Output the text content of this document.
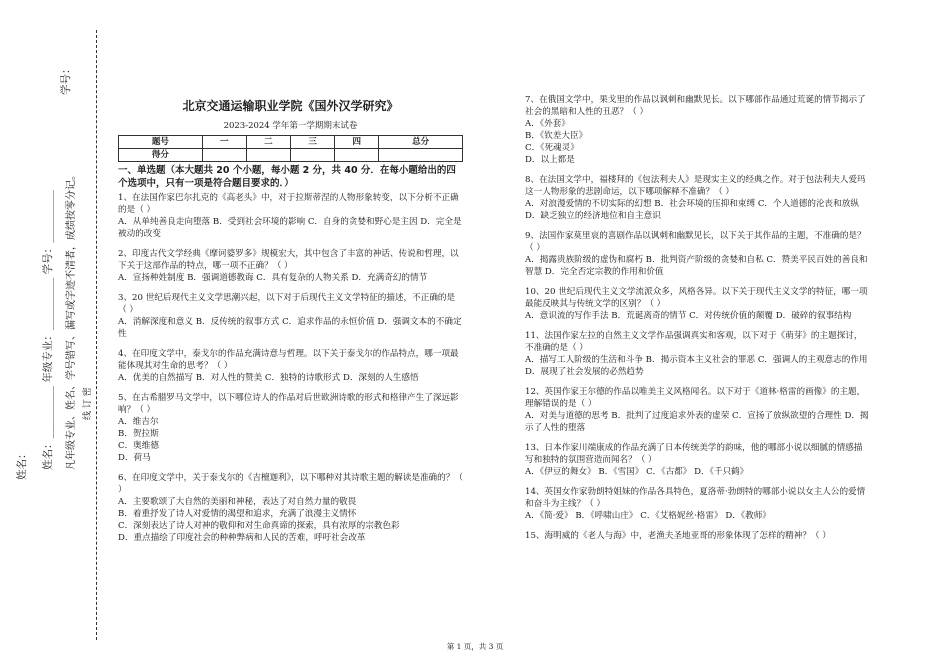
姓名：__________ 年级专业：__________ 学号：__________
学号：
凡年级专业、姓名、学号错写、漏写或字迹不清者，成绩按零分记。 线 订 密
姓名：
北京交通运输职业学院《国外汉学研究》
2023-2024 学年第一学期期末试卷
题号	一	二	三	四	总分
得分					
一、单选题（本大题共 20 个小题，每小题 2 分，共 40 分．在每小题给出的四个选项中，只有一项是符合题目要求的．）
1、在法国作家巴尔扎克的《高老头》中，对于拉斯蒂涅的人物形象转变，以下分析不正确的是（ ）
A．从单纯善良走向堕落 B．受到社会环境的影响 C．自身的贪婪和野心是主因 D．完全是被动的改变
2、印度古代文学经典《摩诃婆罗多》规模宏大，其中包含了丰富的神话、传说和哲理，以下关于这部作品的特点，哪一项不正确？（ ）
A．宣扬种姓制度 B．强调道德教诲 C．具有复杂的人物关系 D．充满奇幻的情节
3、20 世纪后现代主义文学思潮兴起，以下对于后现代主义文学特征的描述，不正确的是（ ）
A．消解深度和意义 B．反传统的叙事方式 C．追求作品的永恒价值 D．强调文本的不确定性
4、在印度文学中，泰戈尔的作品充满诗意与哲理。以下关于泰戈尔的作品特点，哪一项最能体现其对生命的思考？（ ）
A．优美的自然描写 B．对人性的赞美 C．独特的诗歌形式 D．深刻的人生感悟
5、在古希腊罗马文学中，以下哪位诗人的作品对后世欧洲诗歌的形式和格律产生了深远影响？（ ）
A．维吉尔
B．贺拉斯
C．奥维德
D．荷马
6、在印度文学中，关于泰戈尔的《吉檀迦利》，以下哪种对其诗歌主题的解读是准确的？（ ）
A．主要歌颂了大自然的美丽和神秘，表达了对自然力量的敬畏
B．着重抒发了诗人对爱情的渴望和追求，充满了浪漫主义情怀
C．深刻表达了诗人对神的敬仰和对生命真谛的探索，具有浓厚的宗教色彩
D．重点描绘了印度社会的种种弊病和人民的苦难，呼吁社会改革
7、在俄国文学中，果戈里的作品以讽刺和幽默见长。以下哪部作品通过荒诞的情节揭示了社会的黑暗和人性的丑恶？（ ）
A．《外套》
B．《钦差大臣》
C．《死魂灵》
D．以上都是
8、在法国文学中，福楼拜的《包法利夫人》是现实主义的经典之作。对于包法利夫人爱玛这一人物形象的悲剧命运，以下哪项解释不准确？（ ）
A．对浪漫爱情的不切实际的幻想 B．社会环境的压抑和束缚 C．个人道德的沦丧和放纵
D．缺乏独立的经济地位和自主意识
9、法国作家莫里哀的喜剧作品以讽刺和幽默见长，以下关于其作品的主题，不准确的是？（ ）
A．揭露贵族阶级的虚伪和腐朽 B．批判资产阶级的贪婪和自私 C．赞美平民百姓的善良和智慧 D．完全否定宗教的作用和价值
10、20 世纪后现代主义文学流派众多，风格各异。以下关于现代主义文学的特征，哪一项最能反映其与传统文学的区别？（ ）
A．意识流的写作手法 B．荒诞离奇的情节 C．对传统价值的颠覆 D．破碎的叙事结构
11、法国作家左拉的自然主义文学作品强调真实和客观，以下对于《萌芽》的主题探讨，不准确的是（ ）
A．描写工人阶级的生活和斗争 B．揭示资本主义社会的罪恶 C．强调人的主观意志的作用
D．展现了社会发展的必然趋势
12、英国作家王尔德的作品以唯美主义风格闻名。以下对于《道林·格雷的画像》的主题，理解错误的是（ ）
A．对美与道德的思考 B．批判了过度追求外表的虚荣 C．宣扬了放纵欲望的合理性 D．揭示了人性的堕落
13、日本作家川端康成的作品充满了日本传统美学的韵味，他的哪部小说以细腻的情感描写和独特的氛围营造而闻名？（ ）
A．《伊豆的舞女》 B．《雪国》 C．《古都》 D．《千只鹤》
14、英国女作家勃朗特姐妹的作品各具特色，夏洛蒂·勃朗特的哪部小说以女主人公的爱情和奋斗为主线？（ ）
A．《简·爱》 B．《呼啸山庄》 C．《艾格妮丝·格雷》 D．《教师》
15、海明威的《老人与海》中，老渔夫圣地亚哥的形象体现了怎样的精神？（ ）
第 1 页，共 3 页
